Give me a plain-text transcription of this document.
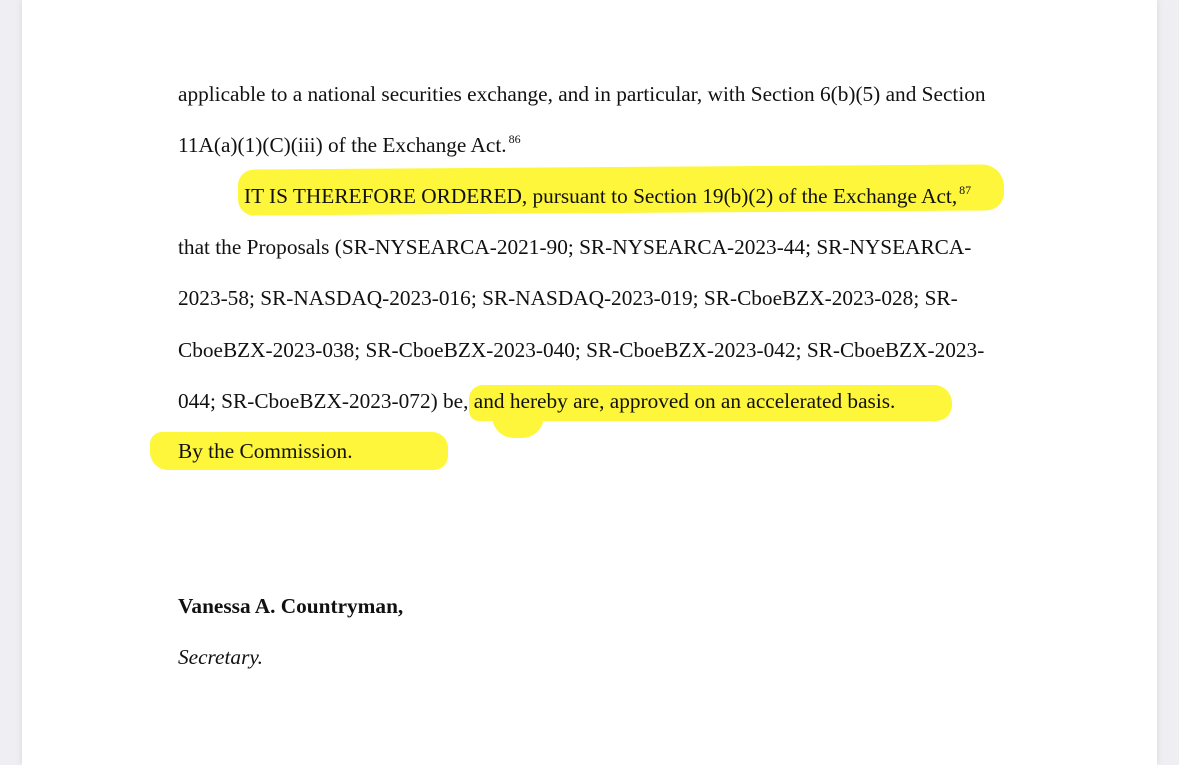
applicable to a national securities exchange, and in particular, with Section 6(b)(5) and Section

11A(a)(1)(C)(iii) of the Exchange Act. $^{86}$

IT IS THEREFORE ORDERED, pursuant to Section 19(b)(2) of the Exchange Act, $^{87}$

that the Proposals (SR-NYSEARCA-2021-90; SR-NYSEARCA-2023-44; SR-NYSEARCA-

2023-58; SR-NASDAQ-2023-016; SR-NASDAQ-2023-019; SR-CboeBZX-2023-028; SR-

CboeBZX-2023-038; SR-CboeBZX-2023-040; SR-CboeBZX-2023-042; SR-CboeBZX-2023-

044; SR-CboeBZX-2023-072) be, and hereby are, approved on an accelerated basis.

By the Commission.

Vanessa A. Countryman,

Secretary.
